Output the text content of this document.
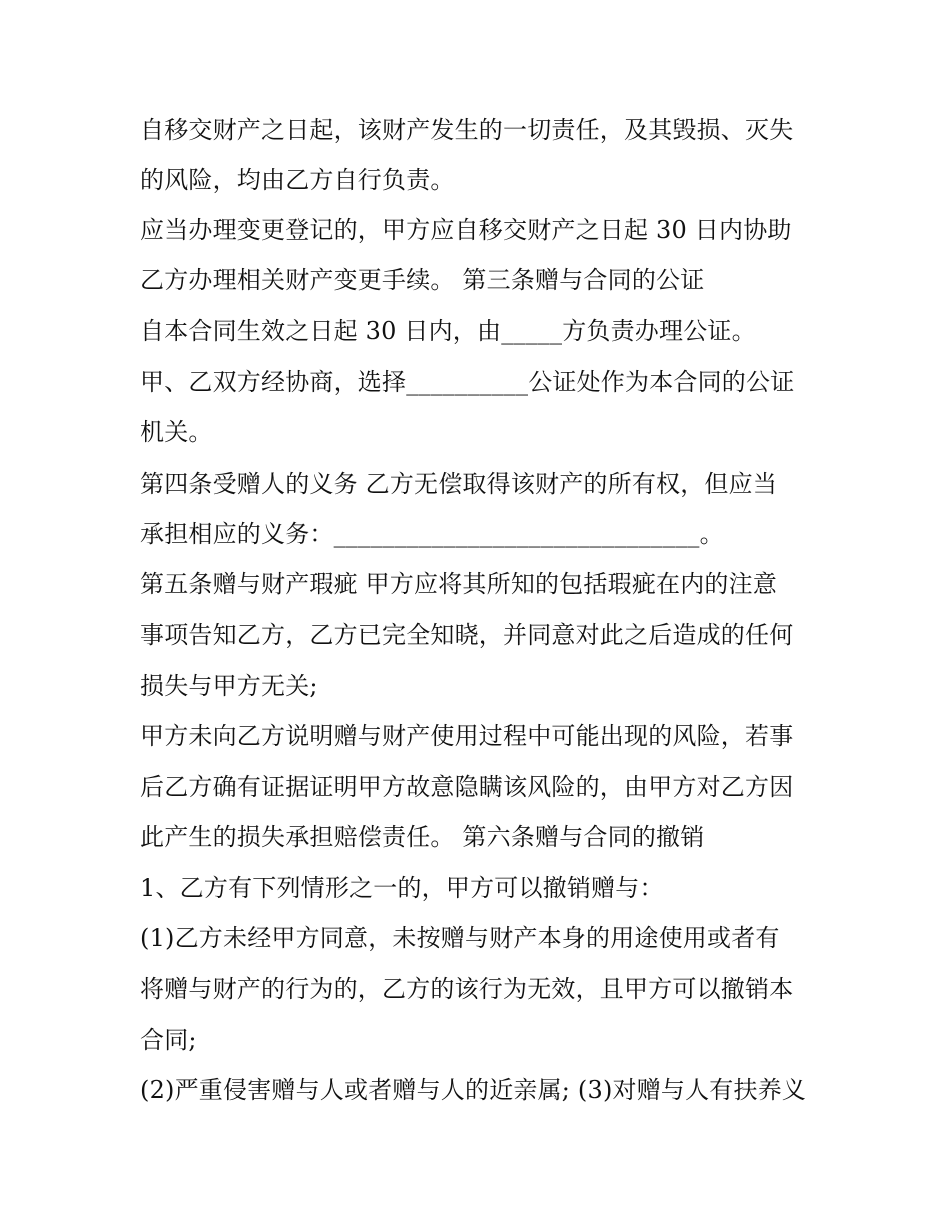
自移交财产之日起，该财产发生的一切责任，及其毁损、灭失
的风险，均由乙方自行负责。
应当办理变更登记的，甲方应自移交财产之日起 30 日内协助
乙方办理相关财产变更手续。 第三条赠与合同的公证
自本合同生效之日起 30 日内，由_____方负责办理公证。
甲、乙双方经协商，选择__________公证处作为本合同的公证
机关。
第四条受赠人的义务 乙方无偿取得该财产的所有权，但应当
承担相应的义务：______________________________。
第五条赠与财产瑕疵 甲方应将其所知的包括瑕疵在内的注意
事项告知乙方，乙方已完全知晓，并同意对此之后造成的任何
损失与甲方无关;
甲方未向乙方说明赠与财产使用过程中可能出现的风险，若事
后乙方确有证据证明甲方故意隐瞒该风险的，由甲方对乙方因
此产生的损失承担赔偿责任。 第六条赠与合同的撤销
1、乙方有下列情形之一的，甲方可以撤销赠与：
(1)乙方未经甲方同意，未按赠与财产本身的用途使用或者有
将赠与财产的行为的，乙方的该行为无效，且甲方可以撤销本
合同;
(2)严重侵害赠与人或者赠与人的近亲属; (3)对赠与人有扶养义
